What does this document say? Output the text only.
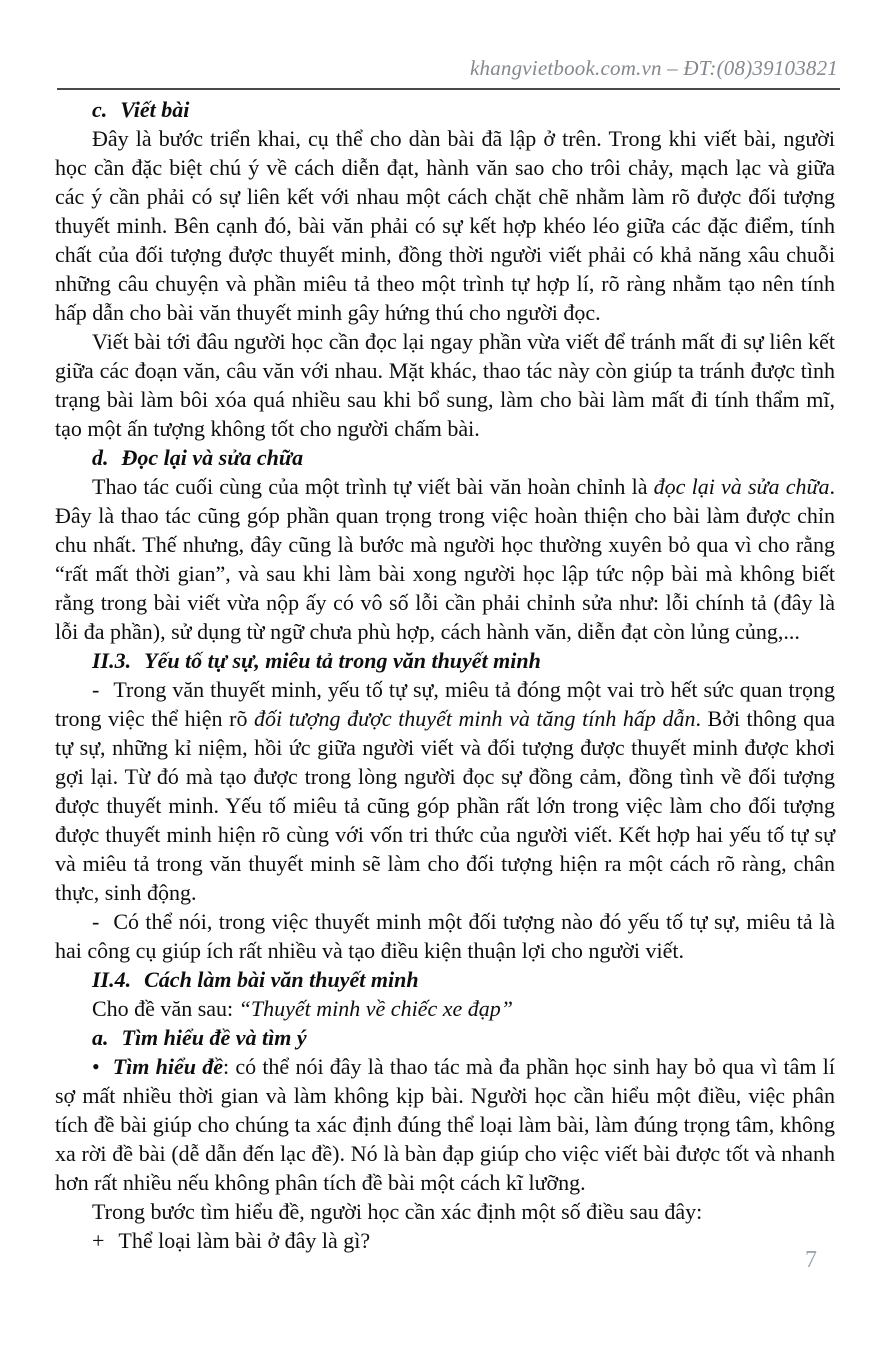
khangvietbook.com.vn – ĐT:(08)39103821

c. Viết bài

Đây là bước triển khai, cụ thể cho dàn bài đã lập ở trên. Trong khi viết bài, người học cần đặc biệt chú ý về cách diễn đạt, hành văn sao cho trôi chảy, mạch lạc và giữa các ý cần phải có sự liên kết với nhau một cách chặt chẽ nhằm làm rõ được đối tượng thuyết minh. Bên cạnh đó, bài văn phải có sự kết hợp khéo léo giữa các đặc điểm, tính chất của đối tượng được thuyết minh, đồng thời người viết phải có khả năng xâu chuỗi những câu chuyện và phần miêu tả theo một trình tự hợp lí, rõ ràng nhằm tạo nên tính hấp dẫn cho bài văn thuyết minh gây hứng thú cho người đọc.

Viết bài tới đâu người học cần đọc lại ngay phần vừa viết để tránh mất đi sự liên kết giữa các đoạn văn, câu văn với nhau. Mặt khác, thao tác này còn giúp ta tránh được tình trạng bài làm bôi xóa quá nhiều sau khi bổ sung, làm cho bài làm mất đi tính thẩm mĩ, tạo một ấn tượng không tốt cho người chấm bài.

d. Đọc lại và sửa chữa

Thao tác cuối cùng của một trình tự viết bài văn hoàn chỉnh là đọc lại và sửa chữa. Đây là thao tác cũng góp phần quan trọng trong việc hoàn thiện cho bài làm được chỉn chu nhất. Thế nhưng, đây cũng là bước mà người học thường xuyên bỏ qua vì cho rằng “rất mất thời gian”, và sau khi làm bài xong người học lập tức nộp bài mà không biết rằng trong bài viết vừa nộp ấy có vô số lỗi cần phải chỉnh sửa như: lỗi chính tả (đây là lỗi đa phần), sử dụng từ ngữ chưa phù hợp, cách hành văn, diễn đạt còn lủng củng,...

II.3. Yếu tố tự sự, miêu tả trong văn thuyết minh

- Trong văn thuyết minh, yếu tố tự sự, miêu tả đóng một vai trò hết sức quan trọng trong việc thể hiện rõ đối tượng được thuyết minh và tăng tính hấp dẫn. Bởi thông qua tự sự, những kỉ niệm, hồi ức giữa người viết và đối tượng được thuyết minh được khơi gợi lại. Từ đó mà tạo được trong lòng người đọc sự đồng cảm, đồng tình về đối tượng được thuyết minh. Yếu tố miêu tả cũng góp phần rất lớn trong việc làm cho đối tượng được thuyết minh hiện rõ cùng với vốn tri thức của người viết. Kết hợp hai yếu tố tự sự và miêu tả trong văn thuyết minh sẽ làm cho đối tượng hiện ra một cách rõ ràng, chân thực, sinh động.

- Có thể nói, trong việc thuyết minh một đối tượng nào đó yếu tố tự sự, miêu tả là hai công cụ giúp ích rất nhiều và tạo điều kiện thuận lợi cho người viết.

II.4. Cách làm bài văn thuyết minh

Cho đề văn sau: “Thuyết minh về chiếc xe đạp”

a. Tìm hiểu đề và tìm ý

• Tìm hiểu đề: có thể nói đây là thao tác mà đa phần học sinh hay bỏ qua vì tâm lí sợ mất nhiều thời gian và làm không kịp bài. Người học cần hiểu một điều, việc phân tích đề bài giúp cho chúng ta xác định đúng thể loại làm bài, làm đúng trọng tâm, không xa rời đề bài (dễ dẫn đến lạc đề). Nó là bàn đạp giúp cho việc viết bài được tốt và nhanh hơn rất nhiều nếu không phân tích đề bài một cách kĩ lưỡng.

Trong bước tìm hiểu đề, người học cần xác định một số điều sau đây:

+ Thể loại làm bài ở đây là gì?

7
